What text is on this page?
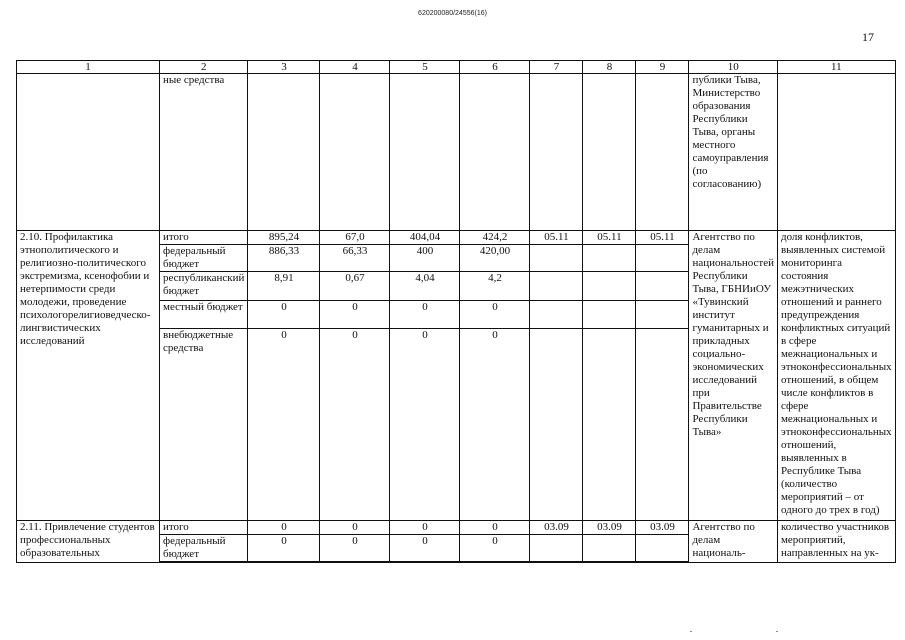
620200080/24556(16)
17
1	2	3	4	5	6	7	8	9	10	11
	ные средства								публики Тыва, Министерство образования Республики Тыва, органы местного самоуправления (по согласованию)	
2.10. Профилактика этнополитического и религиозно-политического экстремизма, ксенофобии и нетерпимости среди молодежи, проведение психологорелигиоведческо-лингвистических исследований	итого	895,24	67,0	404,04	424,2	05.11	05.11	05.11	Агентство по делам национальностей Республики Тыва, ГБНИиОУ «Тувинский институт гуманитарных и прикладных социально-экономических исследований при Правительстве Республики Тыва»	доля конфликтов, выявленных системой мониторинга состояния межэтнических отношений и раннего предупреждения конфликтных ситуаций в сфере межнациональных и этноконфессиональных отношений, в общем числе конфликтов в сфере межнациональных и этноконфессиональных отношений, выявленных в Республике Тыва (количество мероприятий – от одного до трех в год)
	федеральный бюджет	886,33	66,33	400	420,00					
	республиканский бюджет	8,91	0,67	4,04	4,2					
	местный бюджет	0	0	0	0					
	внебюджетные средства	0	0	0	0					
2.11. Привлечение студентов профессиональных образовательных	итого	0	0	0	0	03.09	03.09	03.09	Агентство по делам националь-	количество участников мероприятий, направленных на ук-
	федеральный бюджет	0	0	0	0					
